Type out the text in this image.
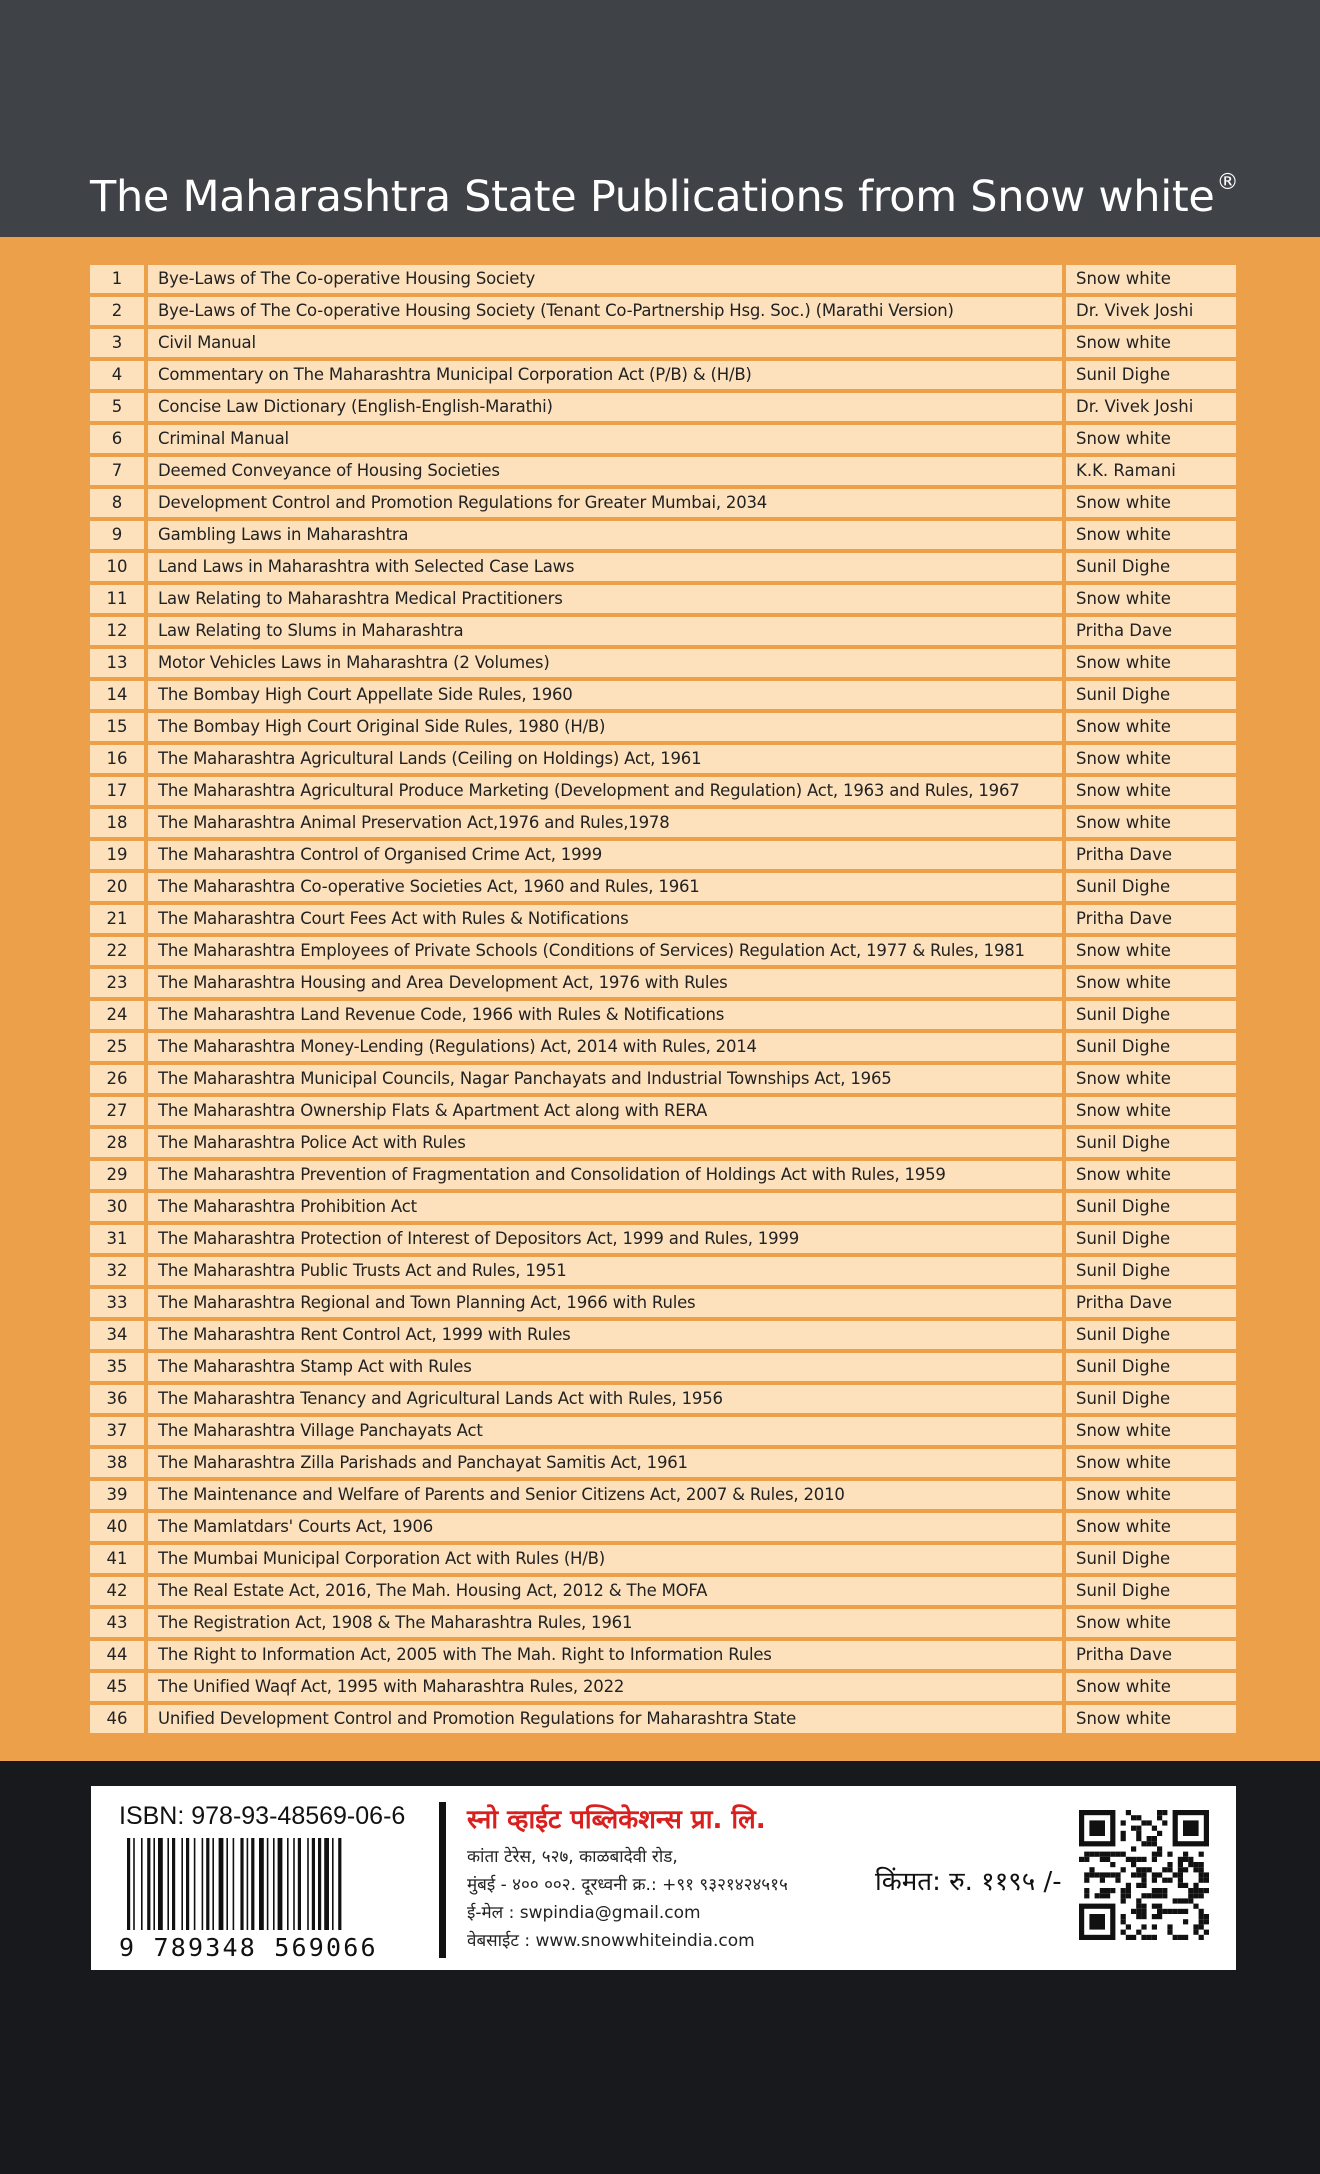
The Maharashtra State Publications from Snow white®
1	Bye-Laws of The Co-operative Housing Society	Snow white
2	Bye-Laws of The Co-operative Housing Society (Tenant Co-Partnership Hsg. Soc.) (Marathi Version)	Dr. Vivek Joshi
3	Civil Manual	Snow white
4	Commentary on The Maharashtra Municipal Corporation Act (P/B) & (H/B)	Sunil Dighe
5	Concise Law Dictionary (English-English-Marathi)	Dr. Vivek Joshi
6	Criminal Manual	Snow white
7	Deemed Conveyance of Housing Societies	K.K. Ramani
8	Development Control and Promotion Regulations for Greater Mumbai, 2034	Snow white
9	Gambling Laws in Maharashtra	Snow white
10	Land Laws in Maharashtra with Selected Case Laws	Sunil Dighe
11	Law Relating to Maharashtra Medical Practitioners	Snow white
12	Law Relating to Slums in Maharashtra	Pritha Dave
13	Motor Vehicles Laws in Maharashtra (2 Volumes)	Snow white
14	The Bombay High Court Appellate Side Rules, 1960	Sunil Dighe
15	The Bombay High Court Original Side Rules, 1980 (H/B)	Snow white
16	The Maharashtra Agricultural Lands (Ceiling on Holdings) Act, 1961	Snow white
17	The Maharashtra Agricultural Produce Marketing (Development and Regulation) Act, 1963 and Rules, 1967	Snow white
18	The Maharashtra Animal Preservation Act,1976 and Rules,1978	Snow white
19	The Maharashtra Control of Organised Crime Act, 1999	Pritha Dave
20	The Maharashtra Co-operative Societies Act, 1960 and Rules, 1961	Sunil Dighe
21	The Maharashtra Court Fees Act with Rules & Notifications	Pritha Dave
22	The Maharashtra Employees of Private Schools (Conditions of Services) Regulation Act, 1977 & Rules, 1981	Snow white
23	The Maharashtra Housing and Area Development Act, 1976 with Rules	Snow white
24	The Maharashtra Land Revenue Code, 1966 with Rules & Notifications	Sunil Dighe
25	The Maharashtra Money-Lending (Regulations) Act, 2014 with Rules, 2014	Sunil Dighe
26	The Maharashtra Municipal Councils, Nagar Panchayats and Industrial Townships Act, 1965	Snow white
27	The Maharashtra Ownership Flats & Apartment Act along with RERA	Snow white
28	The Maharashtra Police Act with Rules	Sunil Dighe
29	The Maharashtra Prevention of Fragmentation and Consolidation of Holdings Act with Rules, 1959	Snow white
30	The Maharashtra Prohibition Act	Sunil Dighe
31	The Maharashtra Protection of Interest of Depositors Act, 1999 and Rules, 1999	Sunil Dighe
32	The Maharashtra Public Trusts Act and Rules, 1951	Sunil Dighe
33	The Maharashtra Regional and Town Planning Act, 1966 with Rules	Pritha Dave
34	The Maharashtra Rent Control Act, 1999 with Rules	Sunil Dighe
35	The Maharashtra Stamp Act with Rules	Sunil Dighe
36	The Maharashtra Tenancy and Agricultural Lands Act with Rules, 1956	Sunil Dighe
37	The Maharashtra Village Panchayats Act	Snow white
38	The Maharashtra Zilla Parishads and Panchayat Samitis Act, 1961	Snow white
39	The Maintenance and Welfare of Parents and Senior Citizens Act, 2007 & Rules, 2010	Snow white
40	The Mamlatdars' Courts Act, 1906	Snow white
41	The Mumbai Municipal Corporation Act with Rules (H/B)	Sunil Dighe
42	The Real Estate Act, 2016, The Mah. Housing Act, 2012 & The MOFA	Sunil Dighe
43	The Registration Act, 1908 & The Maharashtra Rules, 1961	Snow white
44	The Right to Information Act, 2005 with The Mah. Right to Information Rules	Pritha Dave
45	The Unified Waqf Act, 1995 with Maharashtra Rules, 2022	Snow white
46	Unified Development Control and Promotion Regulations for Maharashtra State	Snow white
ISBN: 978-93-48569-06-6
9 789348 569066
स्नो व्हाईट पब्लिकेशन्स प्रा. लि.
कांता टेरेस, ५२७, काळबादेवी रोड,
मुंबई - ४०० ००२. दूरध्वनी क्र.: +९१ ९३२१४२४५१५
ई-मेल : swpindia@gmail.com
वेबसाईट : www.snowwhiteindia.com
किंमत: रु. ११९५ /-
